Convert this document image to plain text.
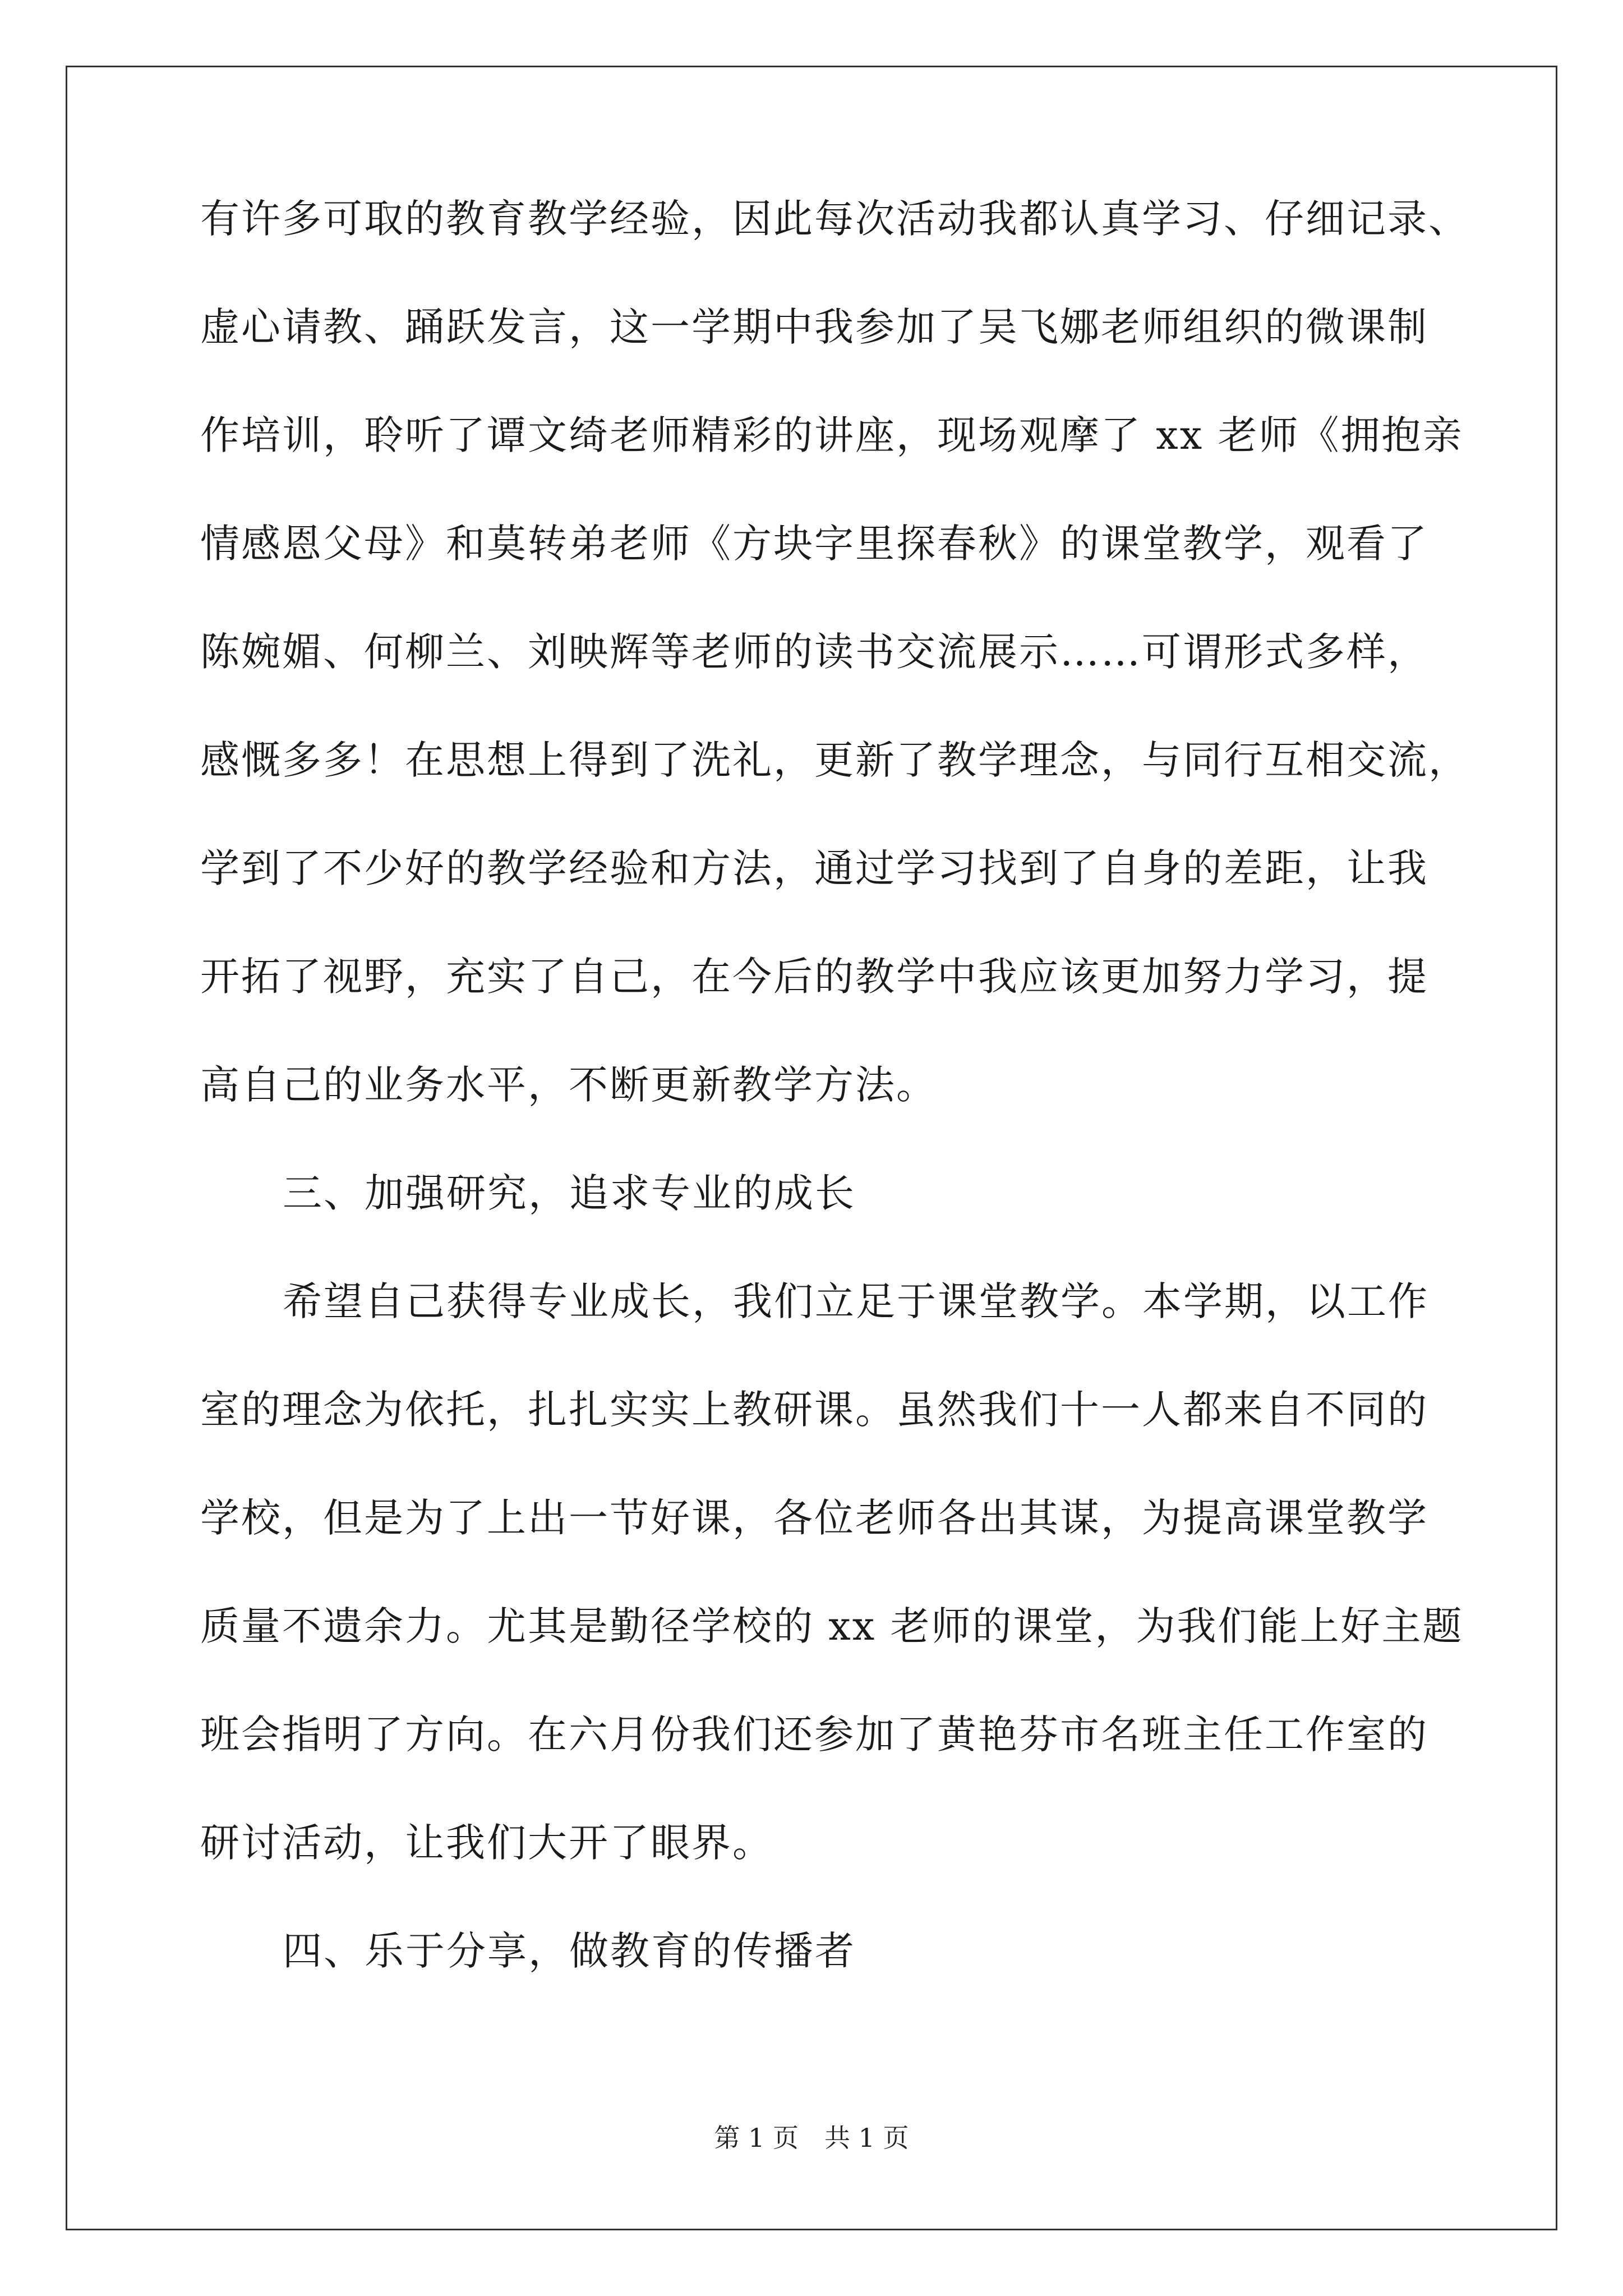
有许多可取的教育教学经验，因此每次活动我都认真学习、仔细记录、
虚心请教、踊跃发言，这一学期中我参加了吴飞娜老师组织的微课制
作培训，聆听了谭文绮老师精彩的讲座，现场观摩了 xx 老师《拥抱亲
情感恩父母》和莫转弟老师《方块字里探春秋》的课堂教学，观看了
陈婉媚、何柳兰、刘映辉等老师的读书交流展示……可谓形式多样，
感慨多多！在思想上得到了洗礼，更新了教学理念，与同行互相交流，
学到了不少好的教学经验和方法，通过学习找到了自身的差距，让我
开拓了视野，充实了自己，在今后的教学中我应该更加努力学习，提
高自己的业务水平，不断更新教学方法。
三、加强研究，追求专业的成长
希望自己获得专业成长，我们立足于课堂教学。本学期，以工作
室的理念为依托，扎扎实实上教研课。虽然我们十一人都来自不同的
学校，但是为了上出一节好课，各位老师各出其谋，为提高课堂教学
质量不遗余力。尤其是勤径学校的 xx 老师的课堂，为我们能上好主题
班会指明了方向。在六月份我们还参加了黄艳芬市名班主任工作室的
研讨活动，让我们大开了眼界。
四、乐于分享，做教育的传播者
第 1 页　共 1 页
